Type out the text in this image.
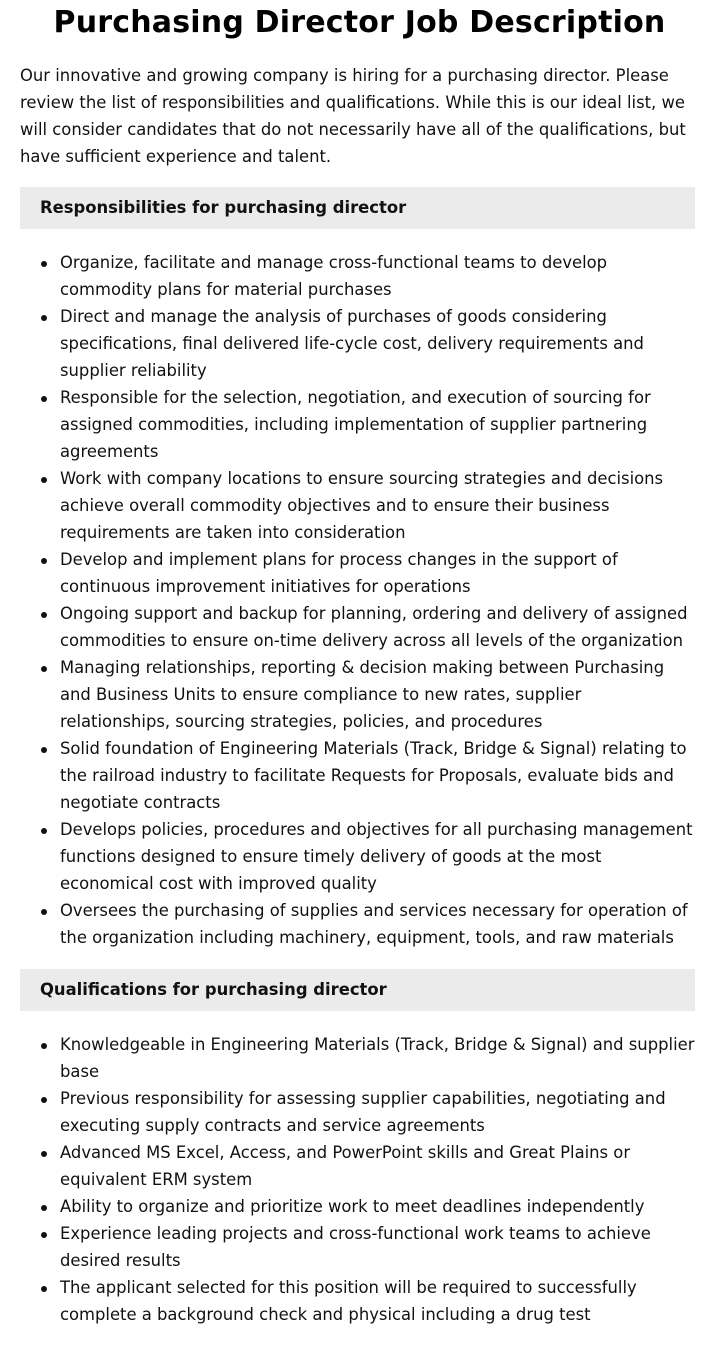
Purchasing Director Job Description

Our innovative and growing company is hiring for a purchasing director. Please review the list of responsibilities and qualifications. While this is our ideal list, we will consider candidates that do not necessarily have all of the qualifications, but have sufficient experience and talent.

Responsibilities for purchasing director
Organize, facilitate and manage cross-functional teams to develop commodity plans for material purchases
Direct and manage the analysis of purchases of goods considering specifications, final delivered life-cycle cost, delivery requirements and supplier reliability
Responsible for the selection, negotiation, and execution of sourcing for assigned commodities, including implementation of supplier partnering agreements
Work with company locations to ensure sourcing strategies and decisions achieve overall commodity objectives and to ensure their business requirements are taken into consideration
Develop and implement plans for process changes in the support of continuous improvement initiatives for operations
Ongoing support and backup for planning, ordering and delivery of assigned commodities to ensure on-time delivery across all levels of the organization
Managing relationships, reporting & decision making between Purchasing and Business Units to ensure compliance to new rates, supplier relationships, sourcing strategies, policies, and procedures
Solid foundation of Engineering Materials (Track, Bridge & Signal) relating to the railroad industry to facilitate Requests for Proposals, evaluate bids and negotiate contracts
Develops policies, procedures and objectives for all purchasing management functions designed to ensure timely delivery of goods at the most economical cost with improved quality
Oversees the purchasing of supplies and services necessary for operation of the organization including machinery, equipment, tools, and raw materials
Qualifications for purchasing director
Knowledgeable in Engineering Materials (Track, Bridge & Signal) and supplier base
Previous responsibility for assessing supplier capabilities, negotiating and executing supply contracts and service agreements
Advanced MS Excel, Access, and PowerPoint skills and Great Plains or equivalent ERM system
Ability to organize and prioritize work to meet deadlines independently
Experience leading projects and cross-functional work teams to achieve desired results
The applicant selected for this position will be required to successfully complete a background check and physical including a drug test
